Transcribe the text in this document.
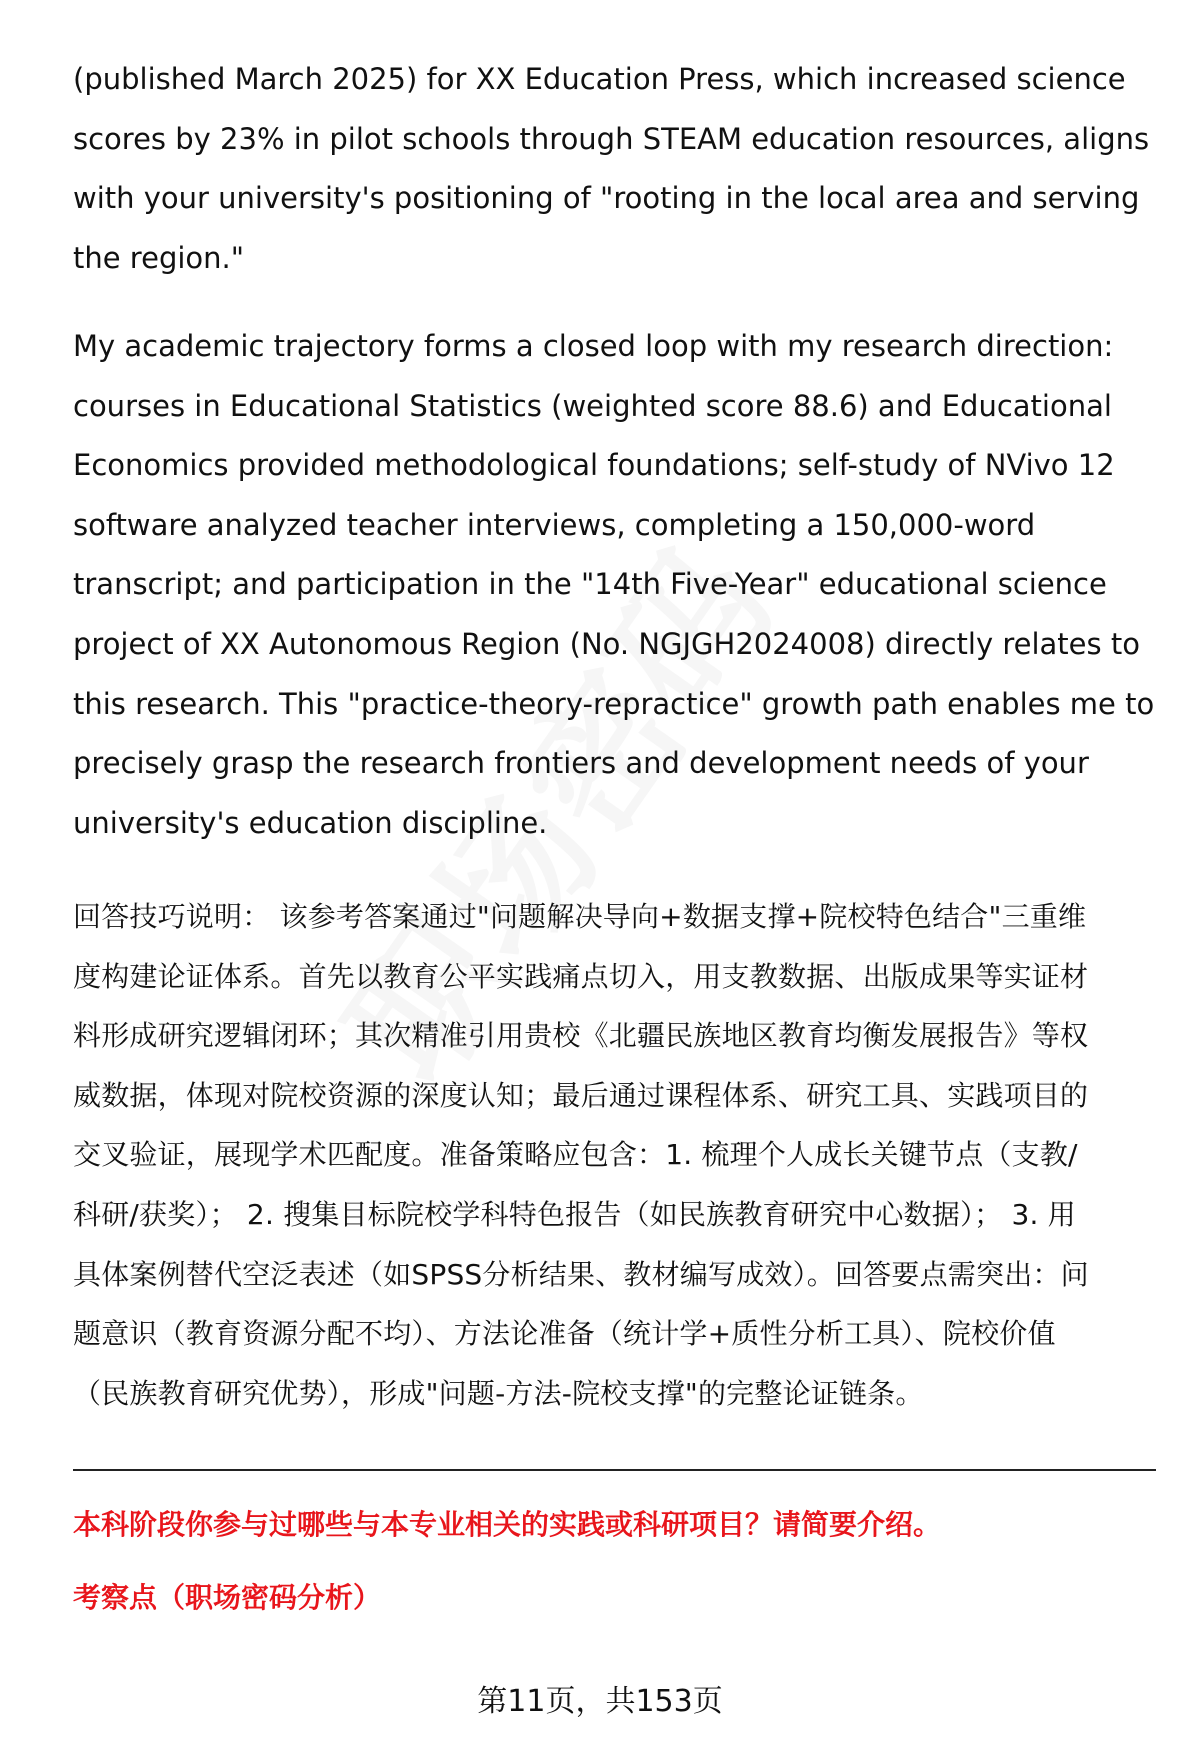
(published March 2025) for XX Education Press, which increased science
scores by 23% in pilot schools through STEAM education resources, aligns
with your university's positioning of "rooting in the local area and serving
the region."
My academic trajectory forms a closed loop with my research direction:
courses in Educational Statistics (weighted score 88.6) and Educational
Economics provided methodological foundations; self-study of NVivo 12
software analyzed teacher interviews, completing a 150,000-word
transcript; and participation in the "14th Five-Year" educational science
project of XX Autonomous Region (No. NGJGH2024008) directly relates to
this research. This "practice-theory-repractice" growth path enables me to
precisely grasp the research frontiers and development needs of your
university's education discipline.
回答技巧说明： 该参考答案通过"问题解决导向+数据支撑+院校特色结合"三重维
度构建论证体系。首先以教育公平实践痛点切入，用支教数据、出版成果等实证材
料形成研究逻辑闭环；其次精准引用贵校《北疆民族地区教育均衡发展报告》等权
威数据，体现对院校资源的深度认知；最后通过课程体系、研究工具、实践项目的
交叉验证，展现学术匹配度。准备策略应包含：1. 梳理个人成长关键节点（支教/
科研/获奖）； 2. 搜集目标院校学科特色报告（如民族教育研究中心数据）； 3. 用
具体案例替代空泛表述（如SPSS分析结果、教材编写成效）。回答要点需突出：问
题意识（教育资源分配不均）、方法论准备（统计学+质性分析工具）、院校价值
（民族教育研究优势），形成"问题-方法-院校支撑"的完整论证链条。
本科阶段你参与过哪些与本专业相关的实践或科研项目？请简要介绍。
考察点（职场密码分析）
第11页，共153页
